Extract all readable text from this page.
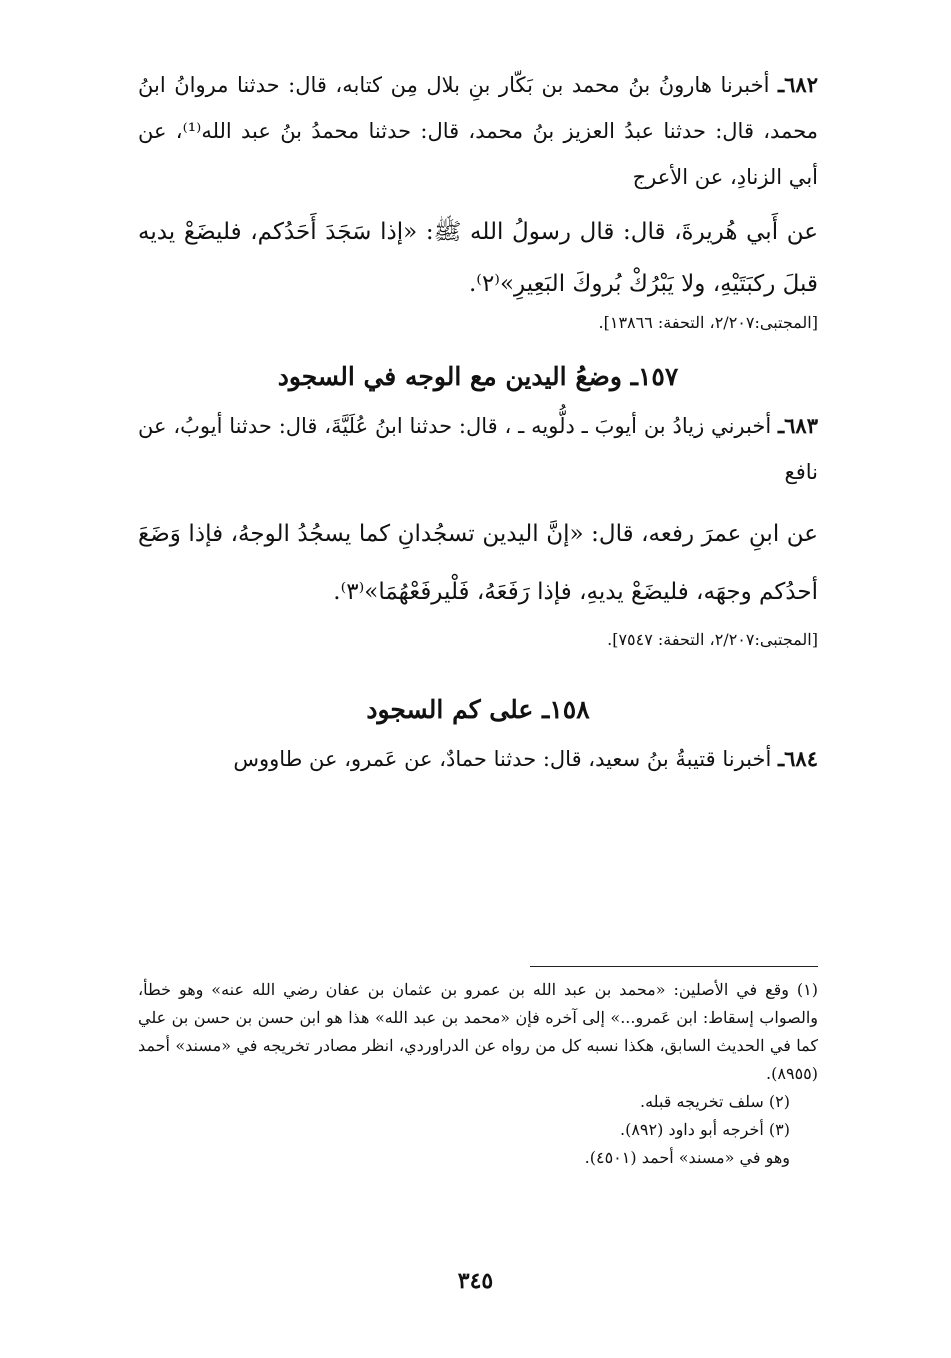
٦٨٢ـ أخبرنا هارونُ بنُ محمد بن بَكّار بنِ بلال مِن كتابه، قال: حدثنا مروانُ ابنُ محمد، قال: حدثنا عبدُ العزيز بنُ محمد، قال: حدثنا محمدُ بنُ عبد الله⁽¹⁾، عن أبي الزنادِ، عن الأعرج

عن أَبي هُريرةَ، قال: قال رسولُ الله ﷺ: «إذا سَجَدَ أَحَدُكم، فليضَعْ يديه قبلَ ركبَتَيْهِ، ولا يَبْرُكْ بُروكَ البَعِيرِ»⁽٢⁾.

[المجتبى:٢/٢٠٧، التحفة: ١٣٨٦٦].

١٥٧ـ وضعُ اليدين مع الوجه في السجود

٦٨٣ـ أخبرني زيادُ بن أيوبَ ـ دلُّويه ـ ، قال: حدثنا ابنُ عُلَيَّةَ، قال: حدثنا أيوبُ، عن نافع

عن ابنِ عمرَ رفعه، قال: «إنَّ اليدين تسجُدانِ كما يسجُدُ الوجهُ، فإذا وَضَعَ أحدُكم وجهَه، فليضَعْ يديهِ، فإذا رَفَعَهُ، فَلْيرفَعْهُمَا»⁽٣⁾.

[المجتبى:٢/٢٠٧، التحفة: ٧٥٤٧].

١٥٨ـ على كم السجود

٦٨٤ـ أخبرنا قتيبةُ بنُ سعيد، قال: حدثنا حمادٌ، عن عَمرو، عن طاووس

(١) وقع في الأصلين: «محمد بن عبد الله بن عمرو بن عثمان بن عفان رضي الله عنه» وهو خطأ، والصواب إسقاط: ابن عَمرو...» إلى آخره فإن «محمد بن عبد الله» هذا هو ابن حسن بن حسن بن علي كما في الحديث السابق، هكذا نسبه كل من رواه عن الدراوردي، انظر مصادر تخريجه في «مسند» أحمد (٨٩٥٥).

(٢) سلف تخريجه قبله.

(٣) أخرجه أبو داود (٨٩٢).

وهو في «مسند» أحمد (٤٥٠١).

٣٤٥
